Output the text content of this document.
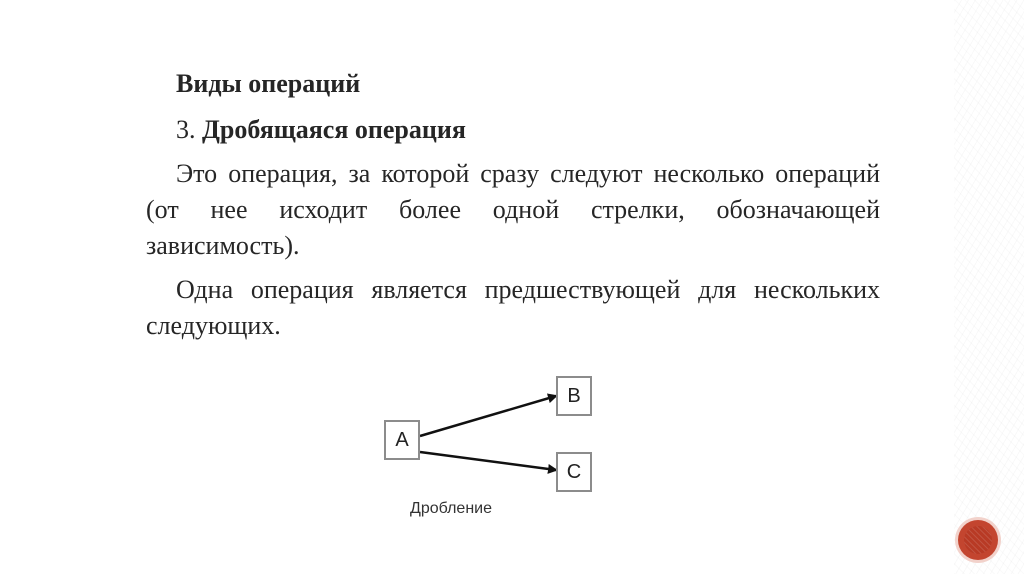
Виды операций
3. Дробящаяся операция

Это операция, за которой сразу следуют несколько операций (от нее исходит более одной стрелки, обозначающей зависимость).

Одна операция является предшествующей для нескольких следующих.

A
B
C
Дробление
